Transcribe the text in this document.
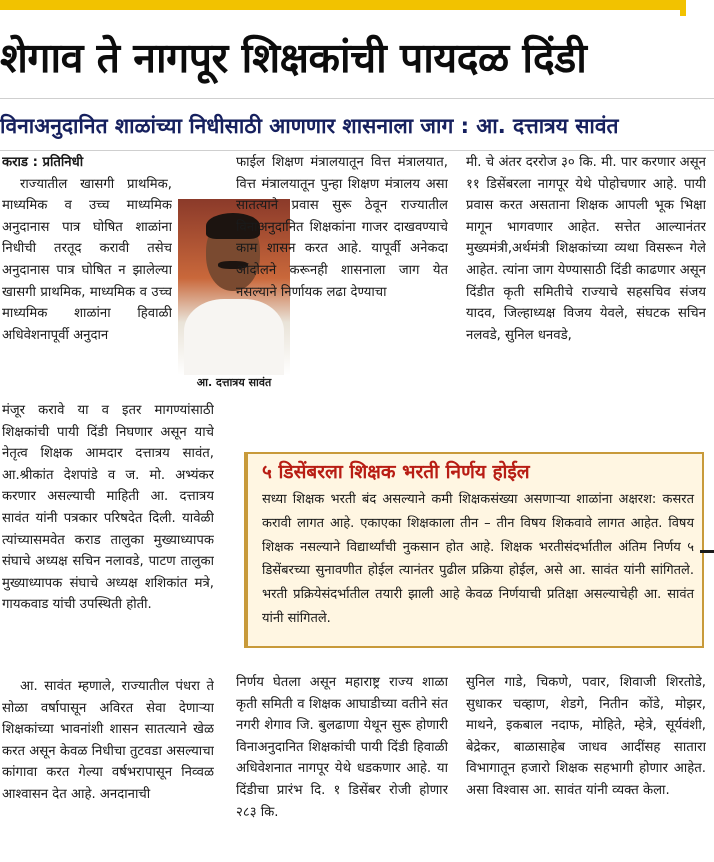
शेगाव ते नागपूर शिक्षकांची पायदळ दिंडी
विनाअनुदानित शाळांच्या निधीसाठी आणणार शासनाला जाग : आ. दत्तात्रय सावंत

कराड : प्रतिनिधी

राज्यातील खासगी प्राथमिक, माध्यमिक व उच्च माध्यमिक अनुदानास पात्र घोषित शाळांना निधीची तरतूद करावी तसेच अनुदानास पात्र घोषित न झालेल्या खासगी प्राथमिक, माध्यमिक व उच्च माध्यमिक शाळांना हिवाळी अधिवेशनापूर्वी अनुदान

मंजूर करावे या व इतर मागण्यांसाठी शिक्षकांची पायी दिंडी निघणार असून याचे नेतृत्व शिक्षक आमदार दत्तात्रय सावंत, आ.श्रीकांत देशपांडे व ज. मो. अभ्यंकर करणार असल्याची माहिती आ. दत्तात्रय सावंत यांनी पत्रकार परिषदेत दिली. यावेळी त्यांच्यासमवेत कराड तालुका मुख्याध्यापक संघाचे अध्यक्ष सचिन नलावडे, पाटण तालुका मुख्याध्यापक संघाचे अध्यक्ष शशिकांत मत्रे, गायकवाड यांची उपस्थिती होती.

आ. सावंत म्हणाले, राज्यातील पंधरा ते सोळा वर्षापासून अविरत सेवा देणाऱ्या शिक्षकांच्या भावनांशी शासन सातत्याने खेळ करत असून केवळ निधीचा तुटवडा असल्याचा कांगावा करत गेल्या वर्षभरापासून निव्वळ आश्वासन देत आहे. अनदानाची

आ. दत्तात्रय सावंत

फाईल शिक्षण मंत्रालयातून वित्त मंत्रालयात, वित्त मंत्रालयातून पुन्हा शिक्षण मंत्रालय असा सातत्याने प्रवास सुरू ठेवून राज्यातील विनाअनुदानित शिक्षकांना गाजर दाखवण्याचे काम शासन करत आहे. यापूर्वी अनेकदा आंदोलने करूनही शासनाला जाग येत नसल्याने निर्णायक लढा देण्याचा

मी. चे अंतर दररोज ३० कि. मी. पार करणार असून ११ डिसेंबरला नागपूर येथे पोहोचणार आहे. पायी प्रवास करत असताना शिक्षक आपली भूक भिक्षा मागून भागवणार आहेत. सत्तेत आल्यानंतर मुख्यमंत्री,अर्थमंत्री शिक्षकांच्या व्यथा विसरून गेले आहेत. त्यांना जाग येण्यासाठी दिंडी काढणार असून दिंडीत कृती समितीचे राज्याचे सहसचिव संजय यादव, जिल्हाध्यक्ष विजय येवले, संघटक सचिन नलवडे, सुनिल धनवडे,

५ डिसेंबरला शिक्षक भरती निर्णय होईल
सध्या शिक्षक भरती बंद असल्याने कमी शिक्षकसंख्या असणाऱ्या शाळांना अक्षरश: कसरत करावी लागत आहे. एकाएका शिक्षकाला तीन – तीन विषय शिकवावे लागत आहेत. विषय शिक्षक नसल्याने विद्यार्थ्यांची नुकसान होत आहे. शिक्षक भरतीसंदर्भातील अंतिम निर्णय ५ डिसेंबरच्या सुनावणीत होईल त्यानंतर पुढील प्रक्रिया होईल, असे आ. सावंत यांनी सांगितले. भरती प्रक्रियेसंदर्भातील तयारी झाली आहे केवळ निर्णयाची प्रतिक्षा असल्याचेही आ. सावंत यांनी सांगितले.

निर्णय घेतला असून महाराष्ट्र राज्य शाळा कृती समिती व शिक्षक आघाडीच्या वतीने संत नगरी शेगाव जि. बुलढाणा येथून सुरू होणारी विनाअनुदानित शिक्षकांची पायी दिंडी हिवाळी अधिवेशनात नागपूर येथे धडकणार आहे. या दिंडीचा प्रारंभ दि. १ डिसेंबर रोजी होणार २८३ कि.

सुनिल गाडे, चिकणे, पवार, शिवाजी शिरतोडे, सुधाकर चव्हाण, शेडगे, नितीन कोंडे, मोझर, माथने, इकबाल नदाफ, मोहिते, म्हेत्रे, सूर्यवंशी, बेद्रेकर, बाळासाहेब जाधव आदींसह सातारा विभागातून हजारो शिक्षक सहभागी होणार आहेत. असा विश्वास आ. सावंत यांनी व्यक्त केला.
